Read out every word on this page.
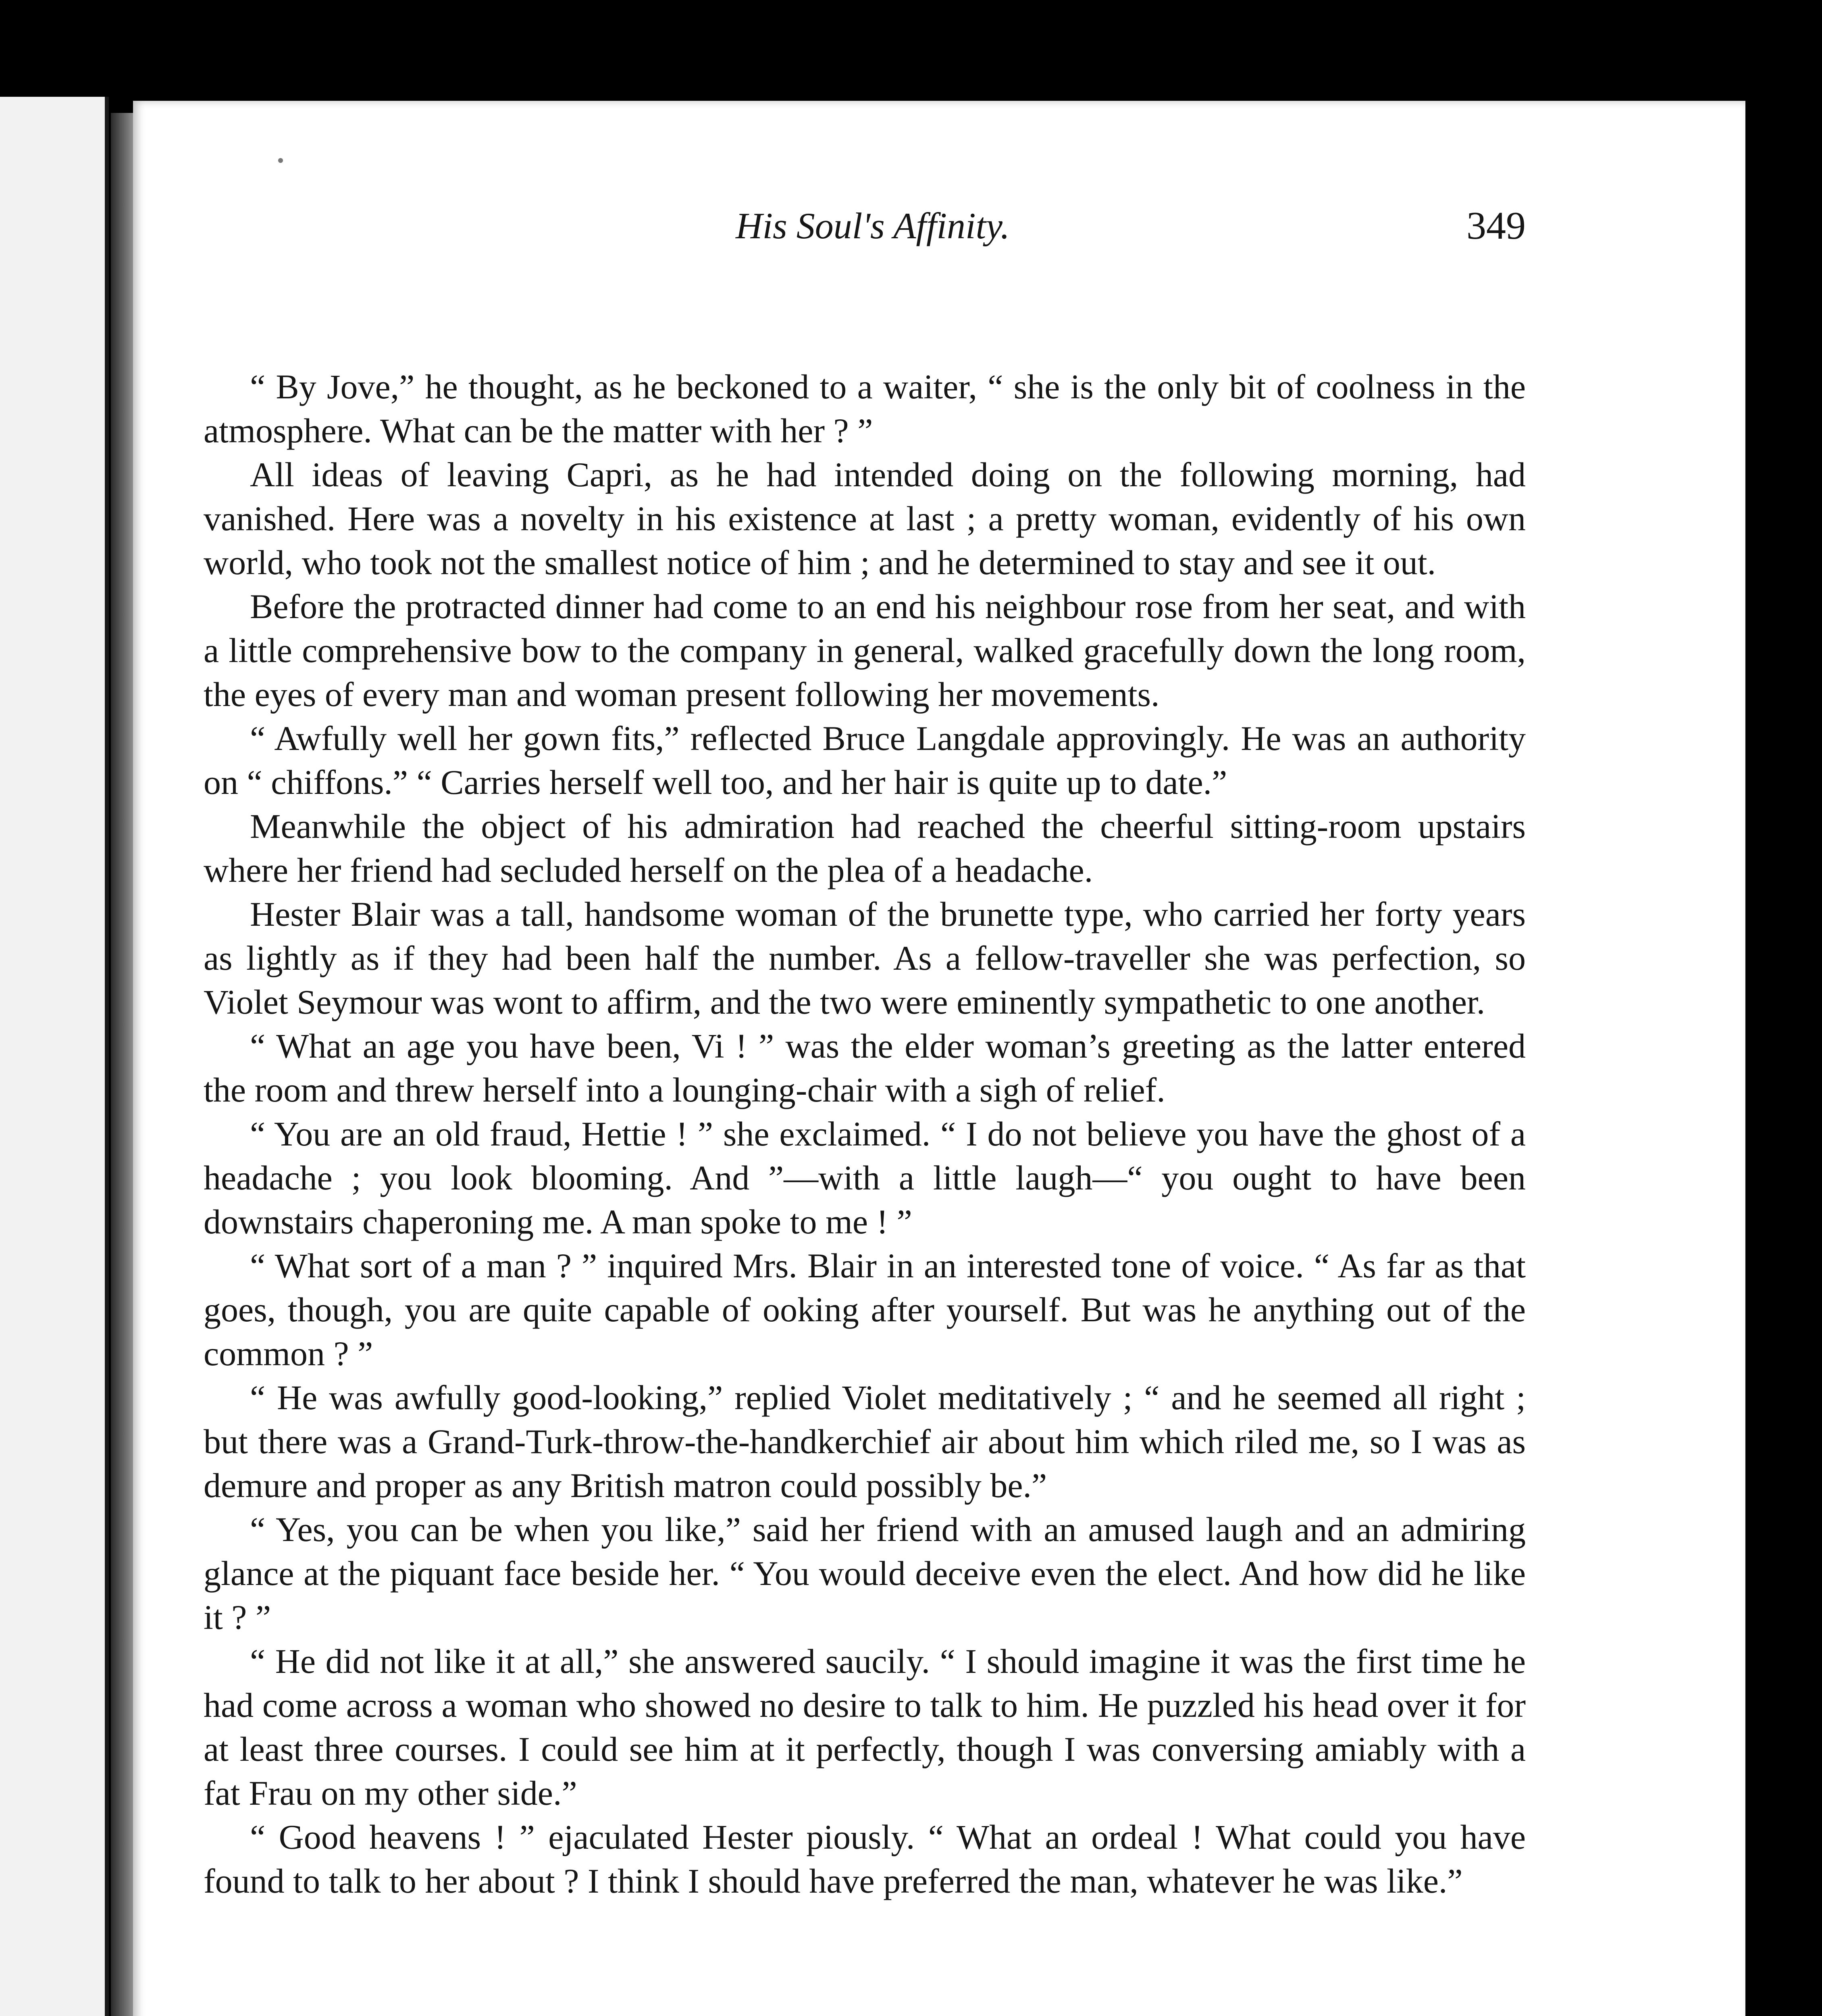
His Soul's Affinity.	349

“ By Jove,” he thought, as he beckoned to a waiter, “ she is the only bit of coolness in the atmosphere. What can be the matter with her ? ”

All ideas of leaving Capri, as he had intended doing on the following morning, had vanished. Here was a novelty in his existence at last ; a pretty woman, evidently of his own world, who took not the smallest notice of him ; and he determined to stay and see it out.

Before the protracted dinner had come to an end his neighbour rose from her seat, and with a little comprehensive bow to the company in general, walked gracefully down the long room, the eyes of every man and woman present following her movements.

“ Awfully well her gown fits,” reflected Bruce Langdale approvingly. He was an authority on “ chiffons.” “ Carries herself well too, and her hair is quite up to date.”

Meanwhile the object of his admiration had reached the cheerful sitting-room upstairs where her friend had secluded herself on the plea of a headache.

Hester Blair was a tall, handsome woman of the brunette type, who carried her forty years as lightly as if they had been half the number. As a fellow-traveller she was perfection, so Violet Seymour was wont to affirm, and the two were eminently sympathetic to one another.

“ What an age you have been, Vi ! ” was the elder woman’s greeting as the latter entered the room and threw herself into a lounging-chair with a sigh of relief.

“ You are an old fraud, Hettie ! ” she exclaimed. “ I do not believe you have the ghost of a headache ; you look blooming. And ”—with a little laugh—“ you ought to have been downstairs chaperoning me. A man spoke to me ! ”

“ What sort of a man ? ” inquired Mrs. Blair in an interested tone of voice. “ As far as that goes, though, you are quite capable of ooking after yourself. But was he anything out of the common ? ”

“ He was awfully good-looking,” replied Violet meditatively ; “ and he seemed all right ; but there was a Grand-Turk-throw-the-handkerchief air about him which riled me, so I was as demure and proper as any British matron could possibly be.”

“ Yes, you can be when you like,” said her friend with an amused laugh and an admiring glance at the piquant face beside her. “ You would deceive even the elect. And how did he like it ? ”

“ He did not like it at all,” she answered saucily. “ I should imagine it was the first time he had come across a woman who showed no desire to talk to him. He puzzled his head over it for at least three courses. I could see him at it perfectly, though I was conversing amiably with a fat Frau on my other side.”

“ Good heavens ! ” ejaculated Hester piously. “ What an ordeal ! What could you have found to talk to her about ? I think I should have preferred the man, whatever he was like.”
